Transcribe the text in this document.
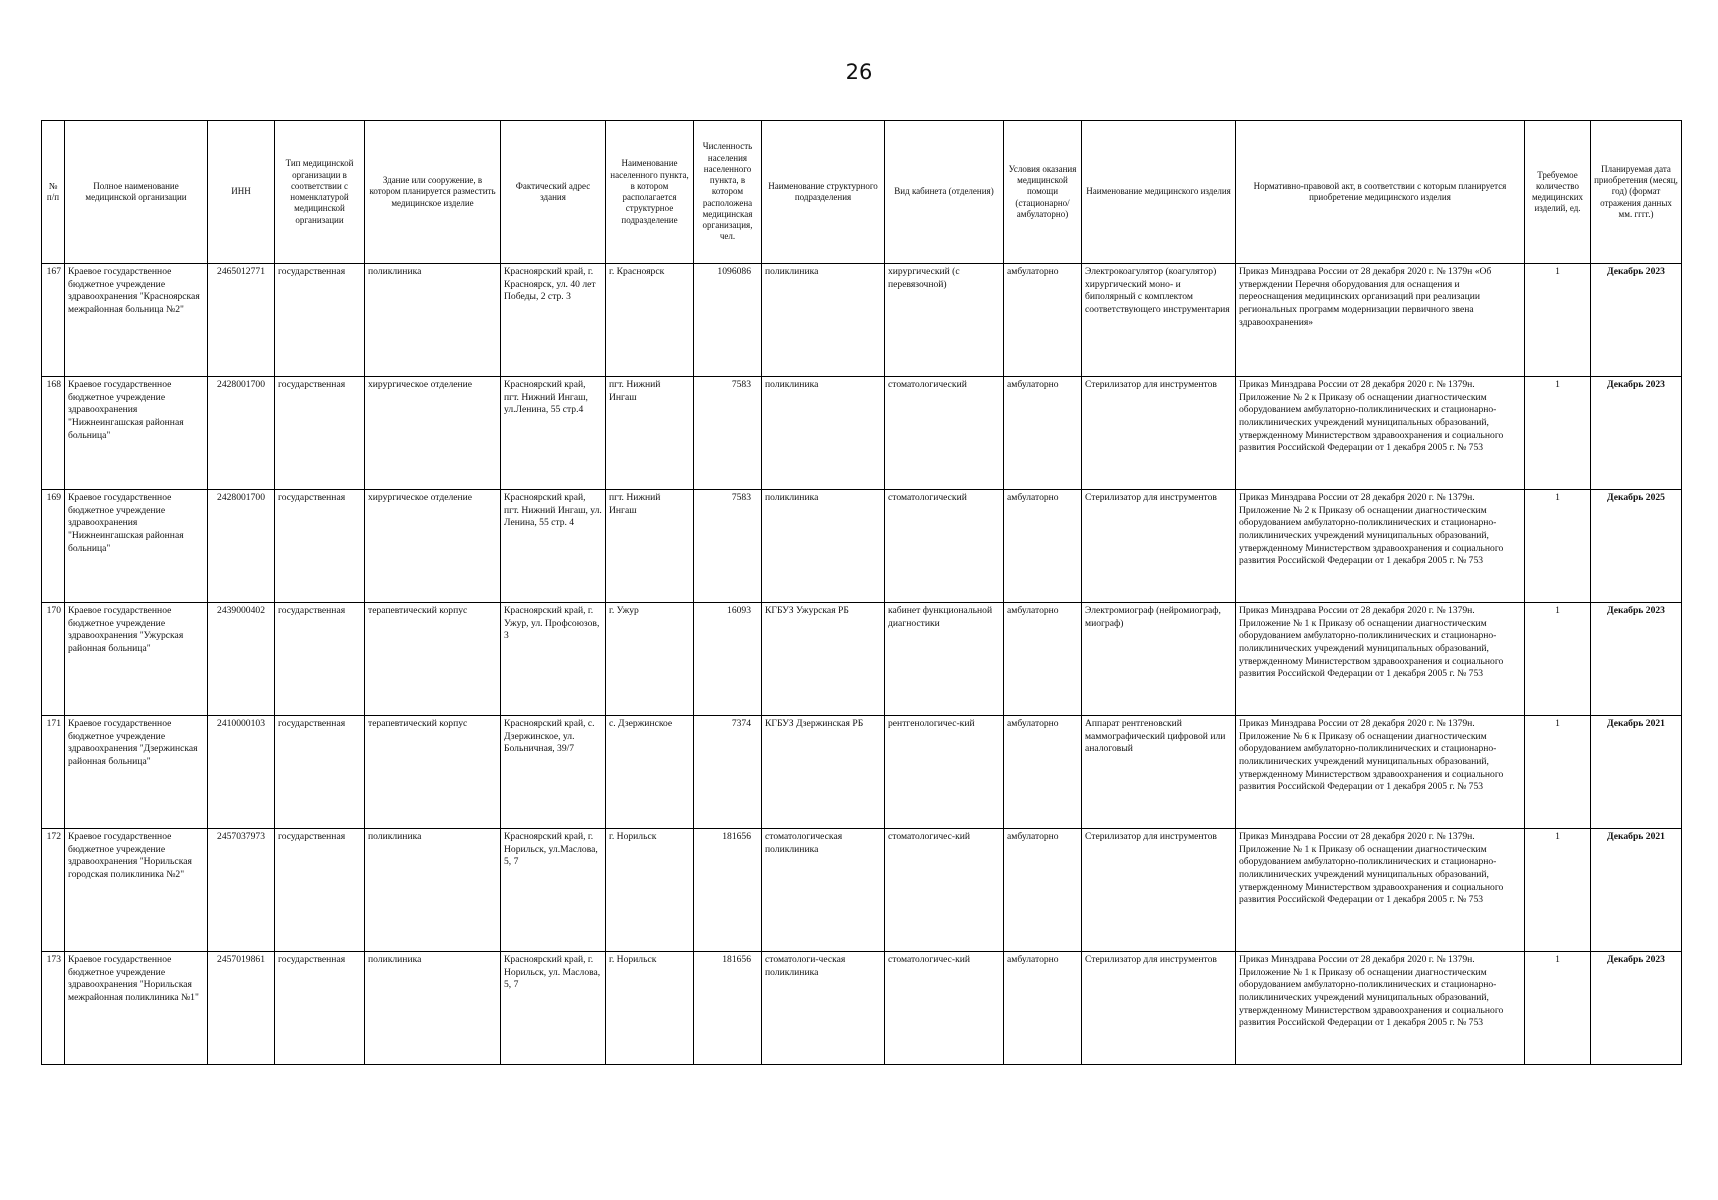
26
№ п/п	Полное наименование медицинской организации	ИНН	Тип медицинской организации в соответствии с номенклатурой медицинской организации	Здание или сооружение, в котором планируется разместить медицинское изделие	Фактический адрес здания	Наименование населенного пункта, в котором располагается структурное подразделение	Численность населения населенного пункта, в котором расположена медицинская организация, чел.	Наименование структурного подразделения	Вид кабинета (отделения)	Условия оказания медицинской помощи (стационарно/ амбулаторно)	Наименование медицинского изделия	Нормативно-правовой акт, в соответствии с которым планируется приобретение медицинского изделия	Требуемое количество медицинских изделий, ед.	Планируемая дата приобретения (месяц, год) (формат отражения данных мм. гггг.)
167	Краевое государственное бюджетное учреждение здравоохранения "Красноярская межрайонная больница №2"	2465012771	государственная	поликлиника	Красноярский край, г. Красноярск, ул. 40 лет Победы, 2 стр. 3	г. Красноярск	1096086	поликлиника	хирургический (с перевязочной)	амбулаторно	Электрокоагулятор (коагулятор) хирургический моно- и биполярный с комплектом соответствующего инструментария	Приказ Минздрава России от 28 декабря 2020 г. № 1379н «Об утверждении Перечня оборудования для оснащения и переоснащения медицинских организаций при реализации региональных программ модернизации первичного звена здравоохранения»	1	Декабрь 2023
168	Краевое государственное бюджетное учреждение здравоохранения "Нижнеингашская районная больница"	2428001700	государственная	хирургическое отделение	Красноярский край, пгт. Нижний Ингаш, ул.Ленина, 55 стр.4	пгт. Нижний Ингаш	7583	поликлиника	стоматологический	амбулаторно	Стерилизатор для инструментов	Приказ Минздрава России от 28 декабря 2020 г. № 1379н. Приложение № 2 к Приказу об оснащении диагностическим оборудованием амбулаторно-поликлинических и стационарно-поликлинических учреждений муниципальных образований, утвержденному Министерством здравоохранения и социального развития Российской Федерации от 1 декабря 2005 г. № 753	1	Декабрь 2023
169	Краевое государственное бюджетное учреждение здравоохранения "Нижнеингашская районная больница"	2428001700	государственная	хирургическое отделение	Красноярский край, пгт. Нижний Ингаш, ул. Ленина, 55 стр. 4	пгт. Нижний Ингаш	7583	поликлиника	стоматологический	амбулаторно	Стерилизатор для инструментов	Приказ Минздрава России от 28 декабря 2020 г. № 1379н. Приложение № 2 к Приказу об оснащении диагностическим оборудованием амбулаторно-поликлинических и стационарно-поликлинических учреждений муниципальных образований, утвержденному Министерством здравоохранения и социального развития Российской Федерации от 1 декабря 2005 г. № 753	1	Декабрь 2025
170	Краевое государственное бюджетное учреждение здравоохранения "Ужурская районная больница"	2439000402	государственная	терапевтический корпус	Красноярский край, г. Ужур, ул. Профсоюзов, 3	г. Ужур	16093	КГБУЗ Ужурская РБ	кабинет функциональной диагностики	амбулаторно	Электромиограф (нейромиограф, миограф)	Приказ Минздрава России от 28 декабря 2020 г. № 1379н. Приложение № 1 к Приказу об оснащении диагностическим оборудованием амбулаторно-поликлинических и стационарно-поликлинических учреждений муниципальных образований, утвержденному Министерством здравоохранения и социального развития Российской Федерации от 1 декабря 2005 г. № 753	1	Декабрь 2023
171	Краевое государственное бюджетное учреждение здравоохранения "Дзержинская районная больница"	2410000103	государственная	терапевтический корпус	Красноярский край, с. Дзержинское, ул. Больничная, 39/7	с. Дзержинское	7374	КГБУЗ Дзержинская РБ	рентгенологичес-кий	амбулаторно	Аппарат рентгеновский маммографический цифровой или аналоговый	Приказ Минздрава России от 28 декабря 2020 г. № 1379н. Приложение № 6 к Приказу об оснащении диагностическим оборудованием амбулаторно-поликлинических и стационарно-поликлинических учреждений муниципальных образований, утвержденному Министерством здравоохранения и социального развития Российской Федерации от 1 декабря 2005 г. № 753	1	Декабрь 2021
172	Краевое государственное бюджетное учреждение здравоохранения "Норильская городская поликлиника №2"	2457037973	государственная	поликлиника	Красноярский край, г. Норильск, ул.Маслова, 5, 7	г. Норильск	181656	стоматологическая поликлиника	стоматологичес-кий	амбулаторно	Стерилизатор для инструментов	Приказ Минздрава России от 28 декабря 2020 г. № 1379н. Приложение № 1 к Приказу об оснащении диагностическим оборудованием амбулаторно-поликлинических и стационарно-поликлинических учреждений муниципальных образований, утвержденному Министерством здравоохранения и социального развития Российской Федерации от 1 декабря 2005 г. № 753	1	Декабрь 2021
173	Краевое государственное бюджетное учреждение здравоохранения "Норильская межрайонная поликлиника №1"	2457019861	государственная	поликлиника	Красноярский край, г. Норильск, ул. Маслова, 5, 7	г. Норильск	181656	стоматологи-ческая поликлиника	стоматологичес-кий	амбулаторно	Стерилизатор для инструментов	Приказ Минздрава России от 28 декабря 2020 г. № 1379н. Приложение № 1 к Приказу об оснащении диагностическим оборудованием амбулаторно-поликлинических и стационарно-поликлинических учреждений муниципальных образований, утвержденному Министерством здравоохранения и социального развития Российской Федерации от 1 декабря 2005 г. № 753	1	Декабрь 2023
